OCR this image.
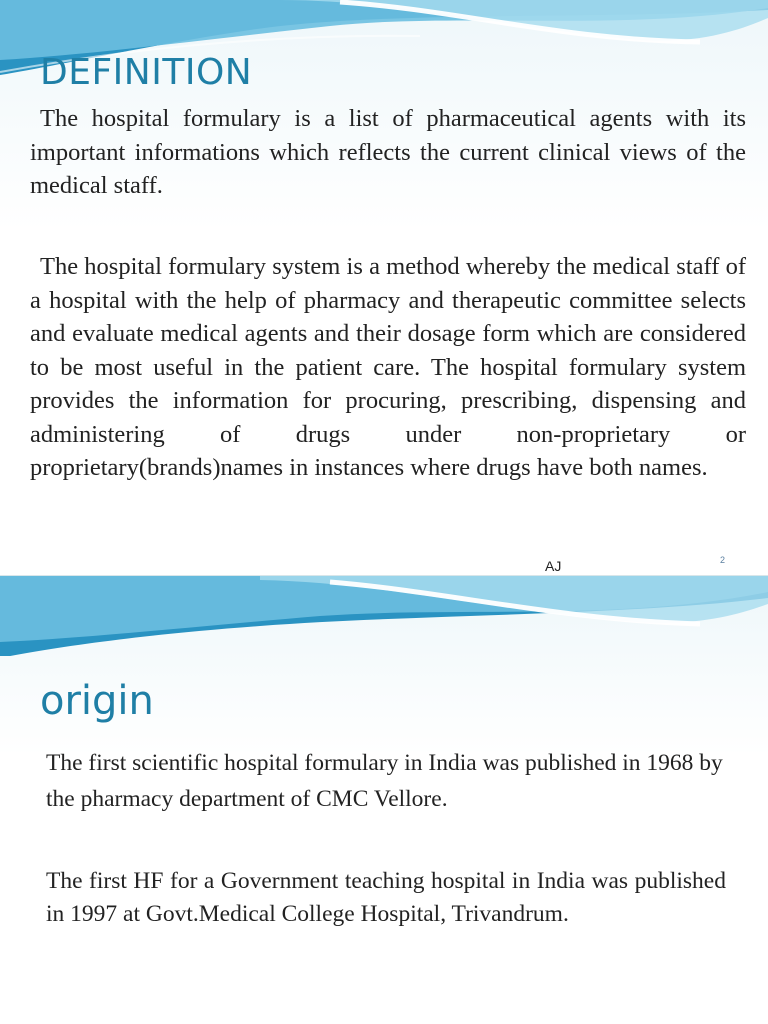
DEFINITION

The hospital formulary is a list of pharmaceutical agents with its important informations which reflects the current clinical views of the medical staff.

The hospital formulary system is a method whereby the medical staff of a hospital with the help of pharmacy and therapeutic committee selects and evaluate medical agents and their dosage form which are considered to be most useful in the patient care. The hospital formulary system provides the information for procuring, prescribing, dispensing and administering of drugs under non-proprietary or proprietary(brands)names in instances where drugs have both names.

AJ	2
origin

The first scientific hospital formulary in India was published in 1968 by the pharmacy department of CMC Vellore.

The first HF for a Government teaching hospital in India was published in 1997 at Govt.Medical College Hospital, Trivandrum.
